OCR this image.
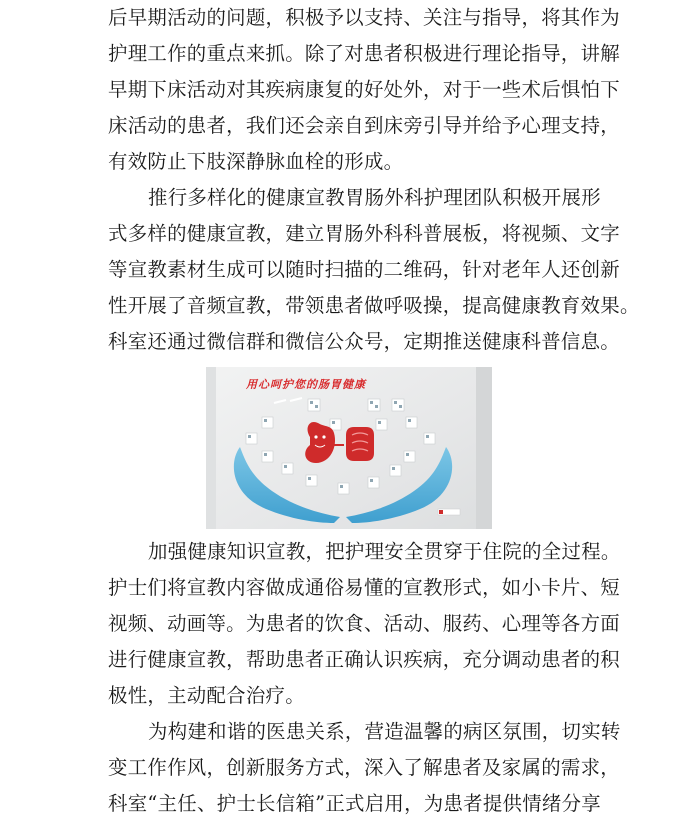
后早期活动的问题，积极予以支持、关注与指导，将其作为

护理工作的重点来抓。除了对患者积极进行理论指导，讲解

早期下床活动对其疾病康复的好处外，对于一些术后惧怕下

床活动的患者，我们还会亲自到床旁引导并给予心理支持，

有效防止下肢深静脉血栓的形成。

推行多样化的健康宣教胃肠外科护理团队积极开展形

式多样的健康宣教，建立胃肠外科科普展板，将视频、文字

等宣教素材生成可以随时扫描的二维码，针对老年人还创新

性开展了音频宣教，带领患者做呼吸操，提高健康教育效果。

科室还通过微信群和微信公众号，定期推送健康科普信息。

用心呵护您的肠胃健康

加强健康知识宣教，把护理安全贯穿于住院的全过程。

护士们将宣教内容做成通俗易懂的宣教形式，如小卡片、短

视频、动画等。为患者的饮食、活动、服药、心理等各方面

进行健康宣教，帮助患者正确认识疾病，充分调动患者的积

极性，主动配合治疗。

为构建和谐的医患关系，营造温馨的病区氛围，切实转

变工作作风，创新服务方式，深入了解患者及家属的需求，

科室“主任、护士长信箱”正式启用，为患者提供情绪分享
